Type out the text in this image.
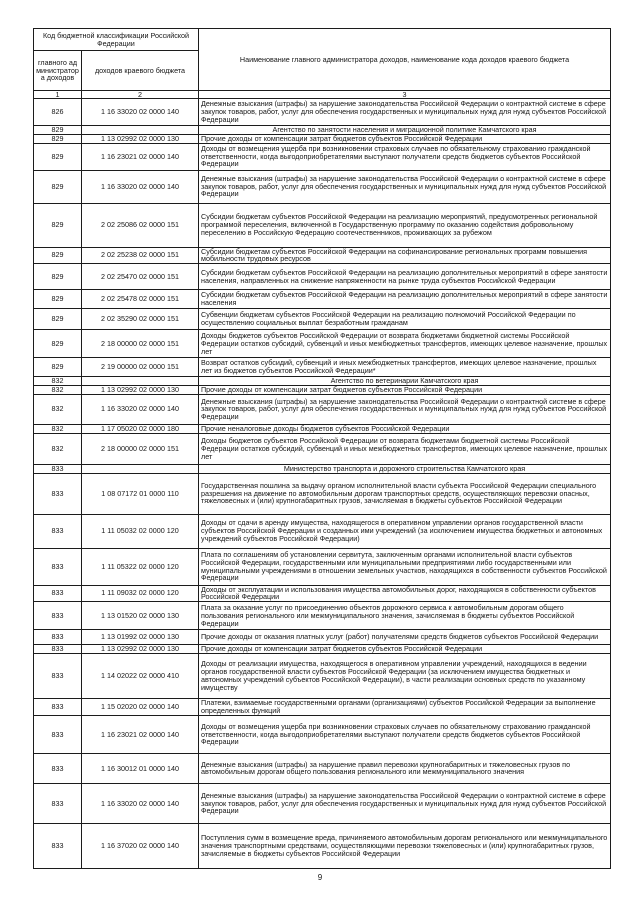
Код бюджетной классификации Российской Федерации		Наименование главного администратора доходов, наименование кода доходов краевого бюджета
главного администратора доходов	доходов краевого бюджета	
1	2	3
826	1 16 33020 02 0000 140	Денежные взыскания (штрафы) за нарушение законодательства Российской Федерации о контрактной системе в сфере закупок товаров, работ, услуг для обеспечения государственных и муниципальных нужд для нужд субъектов Российской Федерации
829		Агентство по занятости населения и миграционной политике Камчатского края
829	1 13 02992 02 0000 130	Прочие доходы от компенсации затрат бюджетов субъектов Российской Федерации
829	1 16 23021 02 0000 140	Доходы от возмещения ущерба при возникновении страховых случаев по обязательному страхованию гражданской ответственности, когда выгодоприобретателями выступают получатели средств бюджетов субъектов Российской Федерации
829	1 16 33020 02 0000 140	Денежные взыскания (штрафы) за нарушение законодательства Российской Федерации о контрактной системе в сфере закупок товаров, работ, услуг для обеспечения государственных и муниципальных нужд для нужд субъектов Российской Федерации
829	2 02 25086 02 0000 151	Субсидии бюджетам субъектов Российской Федерации на реализацию мероприятий, предусмотренных региональной программой переселения, включенной в Государственную программу по оказанию содействия добровольному переселению в Российскую Федерацию соотечественников, проживающих за рубежом
829	2 02 25238 02 0000 151	Субсидии бюджетам субъектов Российской Федерации на софинансирование региональных программ повышения мобильности трудовых ресурсов
829	2 02 25470 02 0000 151	Субсидии бюджетам субъектов Российской Федерации на реализацию дополнительных мероприятий в сфере занятости населения, направленных на снижение напряженности на рынке труда субъектов Российской Федерации
829	2 02 25478 02 0000 151	Субсидии бюджетам субъектов Российской Федерации на реализацию дополнительных мероприятий в сфере занятости населения
829	2 02 35290 02 0000 151	Субвенции бюджетам субъектов Российской Федерации на реализацию полномочий Российской Федерации по осуществлению социальных выплат безработным гражданам
829	2 18 00000 02 0000 151	Доходы бюджетов субъектов Российской Федерации от возврата бюджетами бюджетной системы Российской Федерации остатков субсидий, субвенций и иных межбюджетных трансфертов, имеющих целевое назначение, прошлых лет
829	2 19 00000 02 0000 151	Возврат остатков субсидий, субвенций и иных межбюджетных трансфертов, имеющих целевое назначение, прошлых лет из бюджетов субъектов Российской Федерации*
832		Агентство по ветеринарии Камчатского края
832	1 13 02992 02 0000 130	Прочие доходы от компенсации затрат бюджетов субъектов Российской Федерации
832	1 16 33020 02 0000 140	Денежные взыскания (штрафы) за нарушение законодательства Российской Федерации о контрактной системе в сфере закупок товаров, работ, услуг для обеспечения государственных и муниципальных нужд для нужд субъектов Российской Федерации
832	1 17 05020 02 0000 180	Прочие неналоговые доходы бюджетов субъектов Российской Федерации
832	2 18 00000 02 0000 151	Доходы бюджетов субъектов Российской Федерации от возврата бюджетами бюджетной системы Российской Федерации остатков субсидий, субвенций и иных межбюджетных трансфертов, имеющих целевое назначение, прошлых лет
833		Министерство транспорта и дорожного строительства Камчатского края
833	1 08 07172 01 0000 110	Государственная пошлина за выдачу органом исполнительной власти субъекта Российской Федерации специального разрешения на движение по автомобильным дорогам транспортных средств, осуществляющих перевозки опасных, тяжеловесных и (или) крупногабаритных грузов, зачисляемая в бюджеты субъектов Российской Федерации
833	1 11 05032 02 0000 120	Доходы от сдачи в аренду имущества, находящегося в оперативном управлении органов государственной власти субъектов Российской Федерации и созданных ими учреждений (за исключением имущества бюджетных и автономных учреждений субъектов Российской Федерации)
833	1 11 05322 02 0000 120	Плата по соглашениям об установлении сервитута, заключенным органами исполнительной власти субъектов Российской Федерации, государственными или муниципальными предприятиями либо государственными или муниципальными учреждениями в отношении земельных участков, находящихся в собственности субъектов Российской Федерации
833	1 11 09032 02 0000 120	Доходы от эксплуатации и использования имущества автомобильных дорог, находящихся в собственности субъектов Российской Федерации
833	1 13 01520 02 0000 130	Плата за оказание услуг по присоединению объектов дорожного сервиса к автомобильным дорогам общего пользования регионального или межмуниципального значения, зачисляемая в бюджеты субъектов Российской Федерации
833	1 13 01992 02 0000 130	Прочие доходы от оказания платных услуг (работ) получателями средств бюджетов субъектов Российской Федерации
833	1 13 02992 02 0000 130	Прочие доходы от компенсации затрат бюджетов субъектов Российской Федерации
833	1 14 02022 02 0000 410	Доходы от реализации имущества, находящегося в оперативном управлении учреждений, находящихся в ведении органов государственной власти субъектов Российской Федерации (за исключением имущества бюджетных и автономных учреждений субъектов Российской Федерации), в части реализации основных средств по указанному имуществу
833	1 15 02020 02 0000 140	Платежи, взимаемые государственными органами (организациями) субъектов Российской Федерации за выполнение определенных функций
833	1 16 23021 02 0000 140	Доходы от возмещения ущерба при возникновении страховых случаев по обязательному страхованию гражданской ответственности, когда выгодоприобретателями выступают получатели средств бюджетов субъектов Российской Федерации
833	1 16 30012 01 0000 140	Денежные взыскания (штрафы) за нарушение правил перевозки крупногабаритных и тяжеловесных грузов по автомобильным дорогам общего пользования регионального или межмуниципального значения
833	1 16 33020 02 0000 140	Денежные взыскания (штрафы) за нарушение законодательства Российской Федерации о контрактной системе в сфере закупок товаров, работ, услуг для обеспечения государственных и муниципальных нужд для нужд субъектов Российской Федерации
833	1 16 37020 02 0000 140	Поступления сумм в возмещение вреда, причиняемого автомобильным дорогам регионального или межмуниципального значения транспортными средствами, осуществляющими перевозки тяжеловесных и (или) крупногабаритных грузов, зачисляемые в бюджеты субъектов Российской Федерации
9
